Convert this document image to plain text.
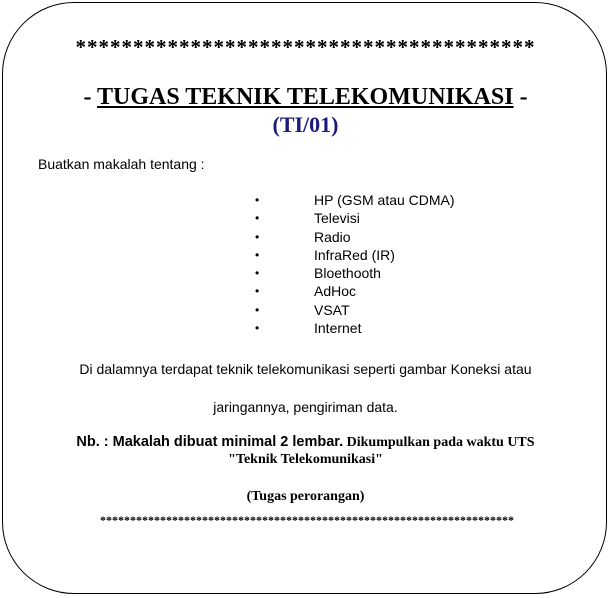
****************************************
- TUGAS TEKNIK TELEKOMUNIKASI -
(TI/01)
Buatkan makalah tentang :
•	HP (GSM atau CDMA)
•	Televisi
•	Radio
•	InfraRed (IR)
•	Bloethooth
•	AdHoc
•	VSAT
•	Internet
Di dalamnya terdapat teknik telekomunikasi seperti gambar Koneksi atau
jaringannya, pengiriman data.
Nb. : Makalah dibuat minimal 2 lembar. Dikumpulkan pada waktu UTS
"Teknik Telekomunikasi"
(Tugas perorangan)
*********************************************************************
